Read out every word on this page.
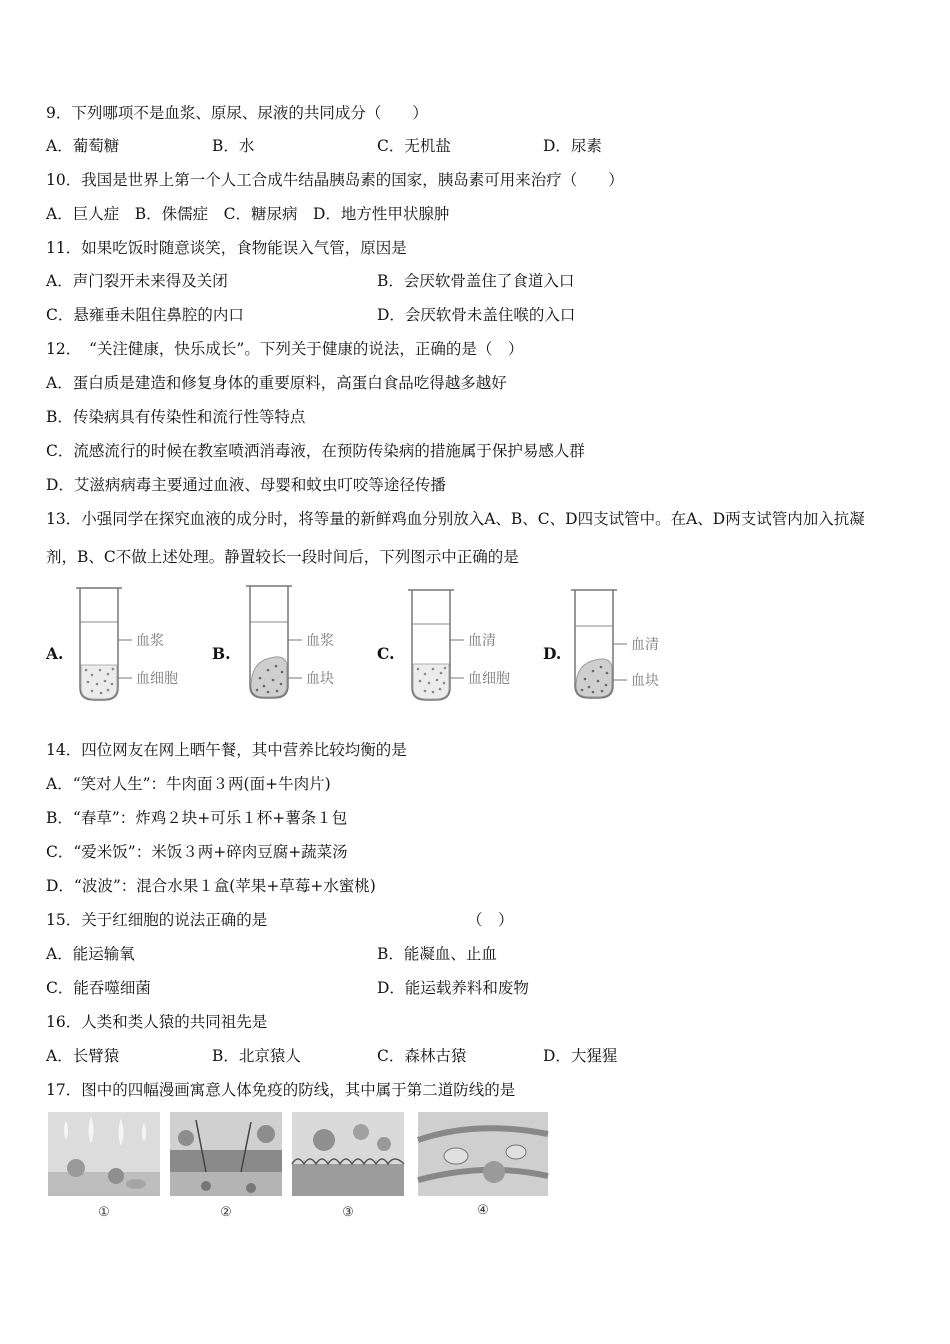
9．下列哪项不是血浆、原尿、尿液的共同成分（　　）
A．葡萄糖	B．水	C．无机盐	D．尿素
10．我国是世界上第一个人工合成牛结晶胰岛素的国家，胰岛素可用来治疗（　　）
A．巨人症　B．侏儒症　C．糖尿病　D．地方性甲状腺肿
11．如果吃饭时随意谈笑，食物能误入气管，原因是
A．声门裂开未来得及关闭	B．会厌软骨盖住了食道入口
C．悬雍垂未阻住鼻腔的内口	D．会厌软骨未盖住喉的入口
12．　“关注健康，快乐成长”。下列关于健康的说法，正确的是（　）
A．蛋白质是建造和修复身体的重要原料，高蛋白食品吃得越多越好
B．传染病具有传染性和流行性等特点
C．流感流行的时候在教室喷洒消毒液，在预防传染病的措施属于保护易感人群
D．艾滋病病毒主要通过血液、母婴和蚊虫叮咬等途径传播
13．小强同学在探究血液的成分时，将等量的新鲜鸡血分别放入A、B、C、D四支试管中。在A、D两支试管内加入抗凝
剂，B、C不做上述处理。静置较长一段时间后，下列图示中正确的是
A.
血浆
血细胞
B.
血浆
血块
C.
血清
血细胞
D.	血清
血块
14．四位网友在网上晒午餐，其中营养比较均衡的是
A．“笑对人生”：牛肉面３两(面+牛肉片)
B．“春草”：炸鸡２块+可乐１杯+薯条１包
C．“爱米饭”：米饭３两+碎肉豆腐+蔬菜汤
D．“波波”：混合水果１盒(苹果+草莓+水蜜桃)
15．关于红细胞的说法正确的是	（　）
A．能运输氧	B．能凝血、止血
C．能吞噬细菌	D．能运载养料和废物
16．人类和类人猿的共同祖先是
A．长臂猿	B．北京猿人	C．森林古猿	D．大猩猩
17．图中的四幅漫画寓意人体免疫的防线，其中属于第二道防线的是
①	②	③	④
